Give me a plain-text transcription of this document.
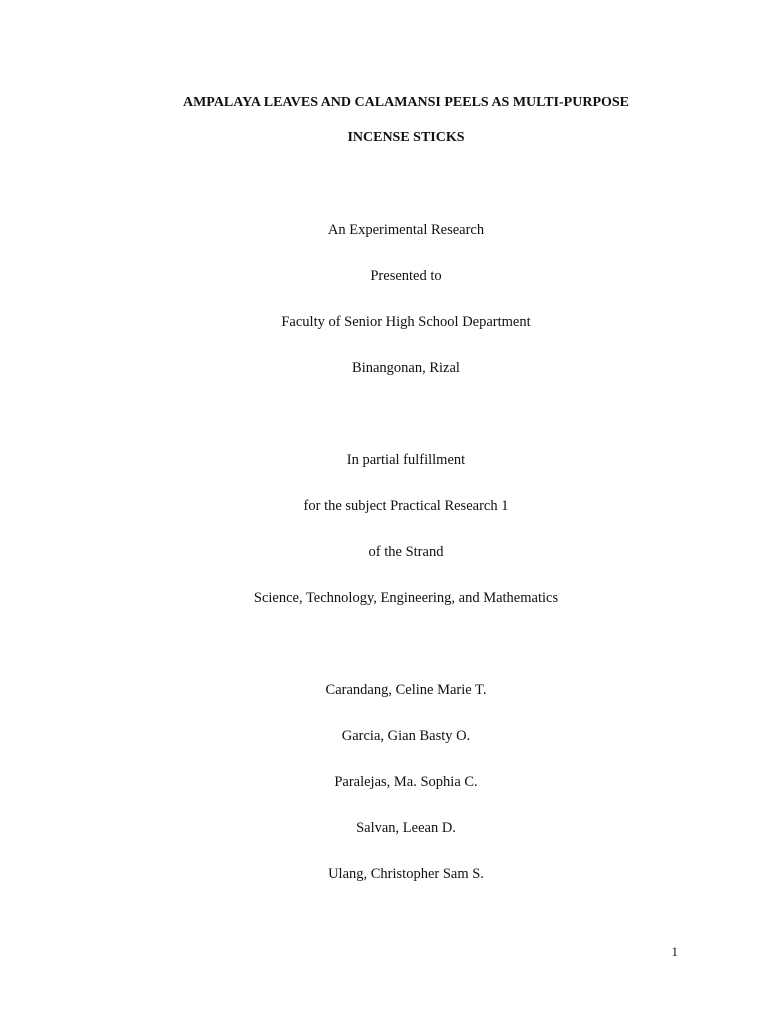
AMPALAYA LEAVES AND CALAMANSI PEELS AS MULTI-PURPOSE
INCENSE STICKS
An Experimental Research
Presented to
Faculty of Senior High School Department
Binangonan, Rizal
In partial fulfillment
for the subject Practical Research 1
of the Strand
Science, Technology, Engineering, and Mathematics
Carandang, Celine Marie T.
Garcia, Gian Basty O.
Paralejas, Ma. Sophia C.
Salvan, Leean D.
Ulang, Christopher Sam S.
1
